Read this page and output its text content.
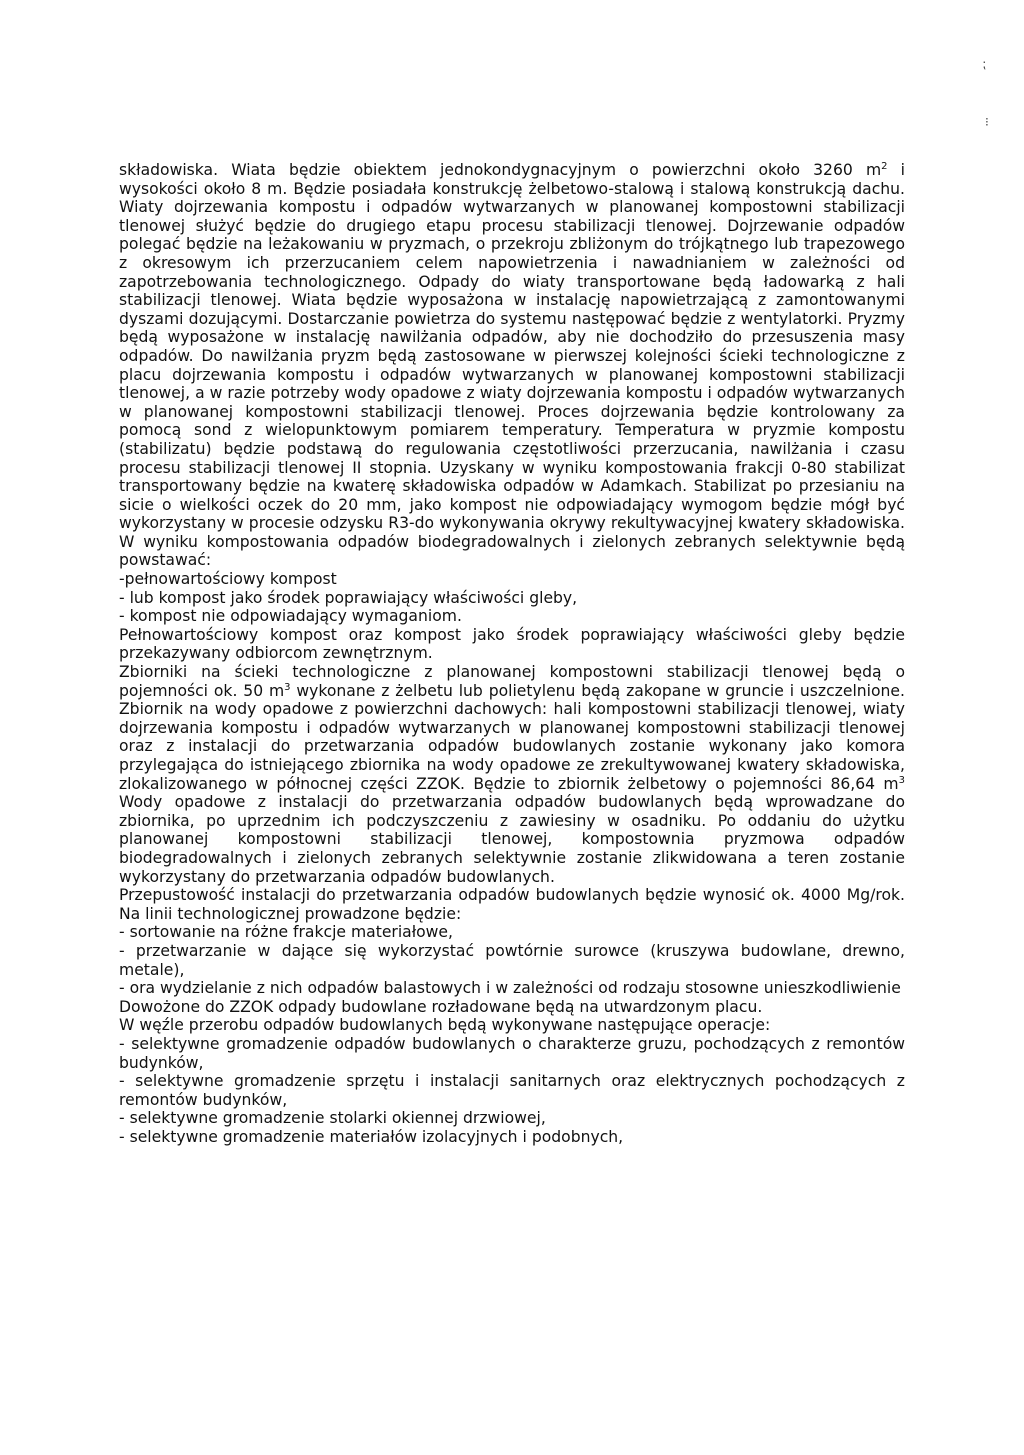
⁏
⁝

składowiska. Wiata będzie obiektem jednokondygnacyjnym o powierzchni około 3260 $m^2$ i wysokości około 8 m. Będzie posiadała konstrukcję żelbetowo-stalową i stalową konstrukcją dachu. Wiaty dojrzewania kompostu i odpadów wytwarzanych w planowanej kompostowni stabilizacji tlenowej służyć będzie do drugiego etapu procesu stabilizacji tlenowej. Dojrzewanie odpadów polegać będzie na leżakowaniu w pryzmach, o przekroju zbliżonym do trójkątnego lub trapezowego z okresowym ich przerzucaniem celem napowietrzenia i nawadnianiem w zależności od zapotrzebowania technologicznego. Odpady do wiaty transportowane będą ładowarką z hali stabilizacji tlenowej. Wiata będzie wyposażona w instalację napowietrzającą z zamontowanymi dyszami dozującymi. Dostarczanie powietrza do systemu następować będzie z wentylatorki. Pryzmy będą wyposażone w instalację nawilżania odpadów, aby nie dochodziło do przesuszenia masy odpadów. Do nawilżania pryzm będą zastosowane w pierwszej kolejności ścieki technologiczne z placu dojrzewania kompostu i odpadów wytwarzanych w planowanej kompostowni stabilizacji tlenowej, a w razie potrzeby wody opadowe z wiaty dojrzewania kompostu i odpadów wytwarzanych w planowanej kompostowni stabilizacji tlenowej. Proces dojrzewania będzie kontrolowany za pomocą sond z wielopunktowym pomiarem temperatury. Temperatura w pryzmie kompostu (stabilizatu) będzie podstawą do regulowania częstotliwości przerzucania, nawilżania i czasu procesu stabilizacji tlenowej II stopnia. Uzyskany w wyniku kompostowania frakcji 0-80 stabilizat transportowany będzie na kwaterę składowiska odpadów w Adamkach. Stabilizat po przesianiu na sicie o wielkości oczek do 20 mm, jako kompost nie odpowiadający wymogom będzie mógł być wykorzystany w procesie odzysku R3-do wykonywania okrywy rekultywacyjnej kwatery składowiska. W wyniku kompostowania odpadów biodegradowalnych i zielonych zebranych selektywnie będą powstawać:

-pełnowartościowy kompost

- lub kompost jako środek poprawiający właściwości gleby,

- kompost nie odpowiadający wymaganiom.

Pełnowartościowy kompost oraz kompost jako środek poprawiający właściwości gleby będzie przekazywany odbiorcom zewnętrznym.

Zbiorniki na ścieki technologiczne z planowanej kompostowni stabilizacji tlenowej będą o pojemności ok. 50 $m^3$ wykonane z żelbetu lub polietylenu będą zakopane w gruncie i uszczelnione. Zbiornik na wody opadowe z powierzchni dachowych: hali kompostowni stabilizacji tlenowej, wiaty dojrzewania kompostu i odpadów wytwarzanych w planowanej kompostowni stabilizacji tlenowej oraz z instalacji do przetwarzania odpadów budowlanych zostanie wykonany jako komora przylegająca do istniejącego zbiornika na wody opadowe ze zrekultywowanej kwatery składowiska, zlokalizowanego w północnej części ZZOK. Będzie to zbiornik żelbetowy o pojemności 86,64 $m^3$ Wody opadowe z instalacji do przetwarzania odpadów budowlanych będą wprowadzane do zbiornika, po uprzednim ich podczyszczeniu z zawiesiny w osadniku. Po oddaniu do użytku planowanej kompostowni stabilizacji tlenowej, kompostownia pryzmowa odpadów biodegradowalnych i zielonych zebranych selektywnie zostanie zlikwidowana a teren zostanie wykorzystany do przetwarzania odpadów budowlanych.

Przepustowość instalacji do przetwarzania odpadów budowlanych będzie wynosić ok. 4000 Mg/rok. Na linii technologicznej prowadzone będzie:

- sortowanie na różne frakcje materiałowe,

- przetwarzanie w dające się wykorzystać powtórnie surowce (kruszywa budowlane, drewno, metale),

- ora wydzielanie z nich odpadów balastowych i w zależności od rodzaju stosowne unieszkodliwienie

Dowożone do ZZOK odpady budowlane rozładowane będą na utwardzonym placu.

W węźle przerobu odpadów budowlanych będą wykonywane następujące operacje:

- selektywne gromadzenie odpadów budowlanych o charakterze gruzu, pochodzących z remontów budynków,

- selektywne gromadzenie sprzętu i instalacji sanitarnych oraz elektrycznych pochodzących z remontów budynków,

- selektywne gromadzenie stolarki okiennej drzwiowej,

- selektywne gromadzenie materiałów izolacyjnych i podobnych,
